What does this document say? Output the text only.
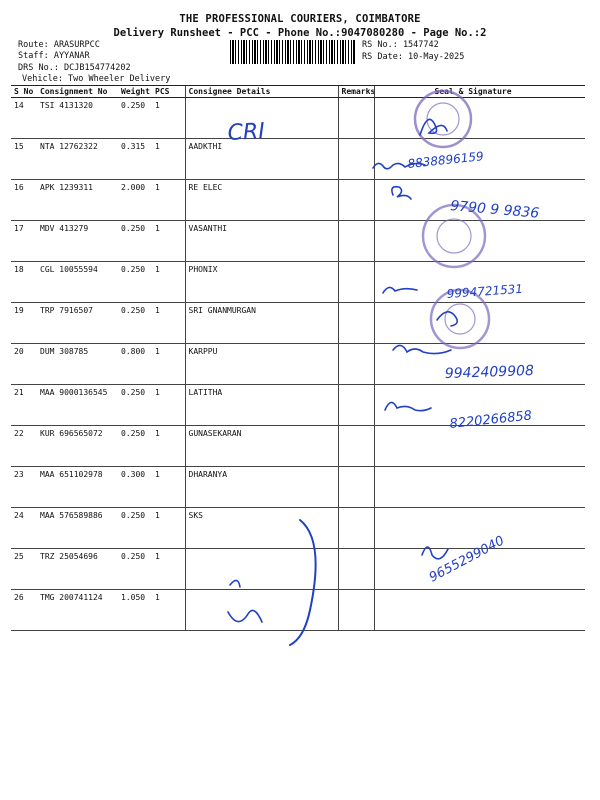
THE PROFESSIONAL COURIERS, COIMBATORE
Delivery Runsheet - PCC - Phone No.:9047080280 - Page No.:2
Route: ARASURPCC
Staff: AYYANAR
DRS No.: DCJB154774202
Vehicle: Two Wheeler Delivery
RS No.: 1547742
RS Date: 10-May-2025
S No	Consignment No	Weight	PCS	Consignee Details	Remarks	Seal & Signature
14	TSI 4131320	0.250	1			
15	NTA 12762322	0.315	1	AADKTHI		
16	APK 1239311	2.000	1	RE ELEC		
17	MDV 413279	0.250	1	VASANTHI		
18	CGL 10055594	0.250	1	PHONIX		
19	TRP 7916507	0.250	1	SRI GNANMURGAN		
20	DUM 308785	0.800	1	KARPPU		
21	MAA 9000136545	0.250	1	LATITHA		
22	KUR 696565072	0.250	1	GUNASEKARAN		
23	MAA 651102978	0.300	1	DHARANYA		
24	MAA 576589886	0.250	1	SKS		
25	TRZ 25054696	0.250	1			
26	TMG 200741124	1.050	1			
CRI
8838896159
9790 9 9836
9994721531
9942409908
8220266858
9655299040
